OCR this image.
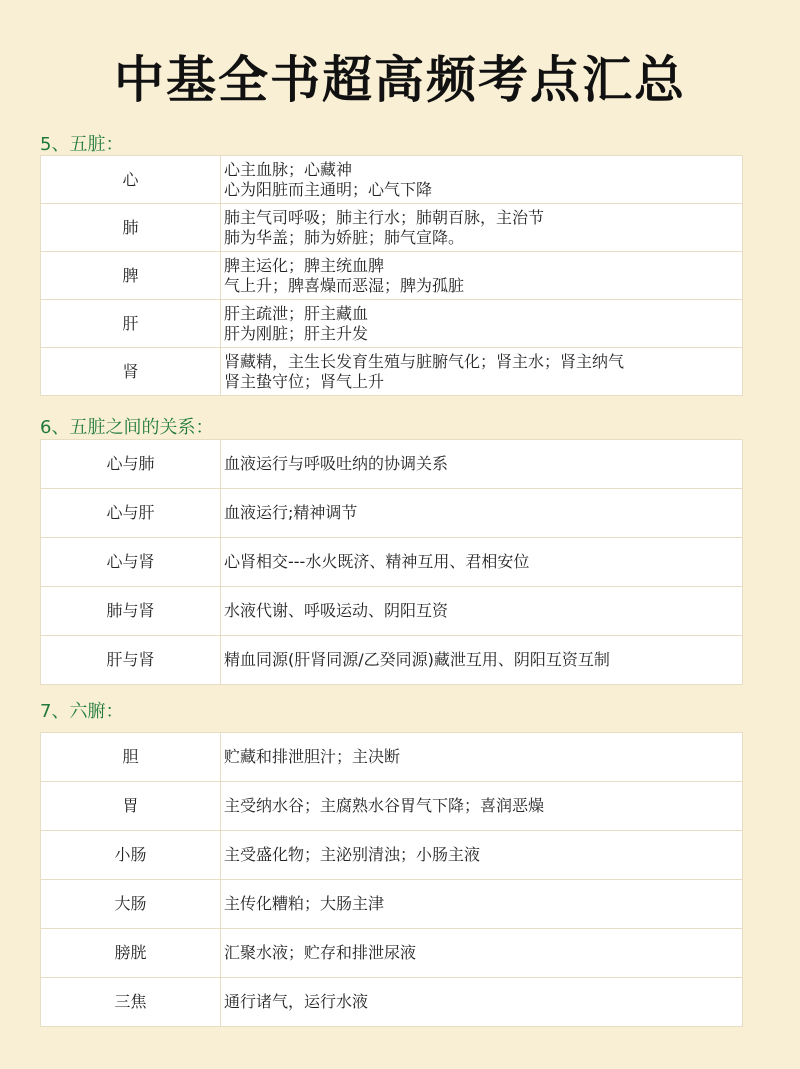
中基全书超高频考点汇总
5、五脏：
心	心主血脉；心藏神
心为阳脏而主通明；心气下降

肺	肺主气司呼吸；肺主行水；肺朝百脉，主治节
肺为华盖；肺为娇脏；肺气宣降。

脾	脾主运化；脾主统血脾
气上升；脾喜燥而恶湿；脾为孤脏

肝	肝主疏泄；肝主藏血
肝为刚脏；肝主升发

肾	肾藏精，主生长发育生殖与脏腑气化；肾主水；肾主纳气
肾主蛰守位；肾气上升
6、五脏之间的关系：
心与肺	血液运行与呼吸吐纳的协调关系
心与肝	血液运行;精神调节
心与肾	心肾相交---水火既济、精神互用、君相安位
肺与肾	水液代谢、呼吸运动、阴阳互资
肝与肾	精血同源(肝肾同源/乙癸同源)藏泄互用、阴阳互资互制
7、六腑：
胆	贮藏和排泄胆汁；主决断
胃	主受纳水谷；主腐熟水谷胃气下降；喜润恶燥
小肠	主受盛化物；主泌别清浊；小肠主液
大肠	主传化糟粕；大肠主津
膀胱	汇聚水液；贮存和排泄尿液
三焦	通行诸气，运行水液
